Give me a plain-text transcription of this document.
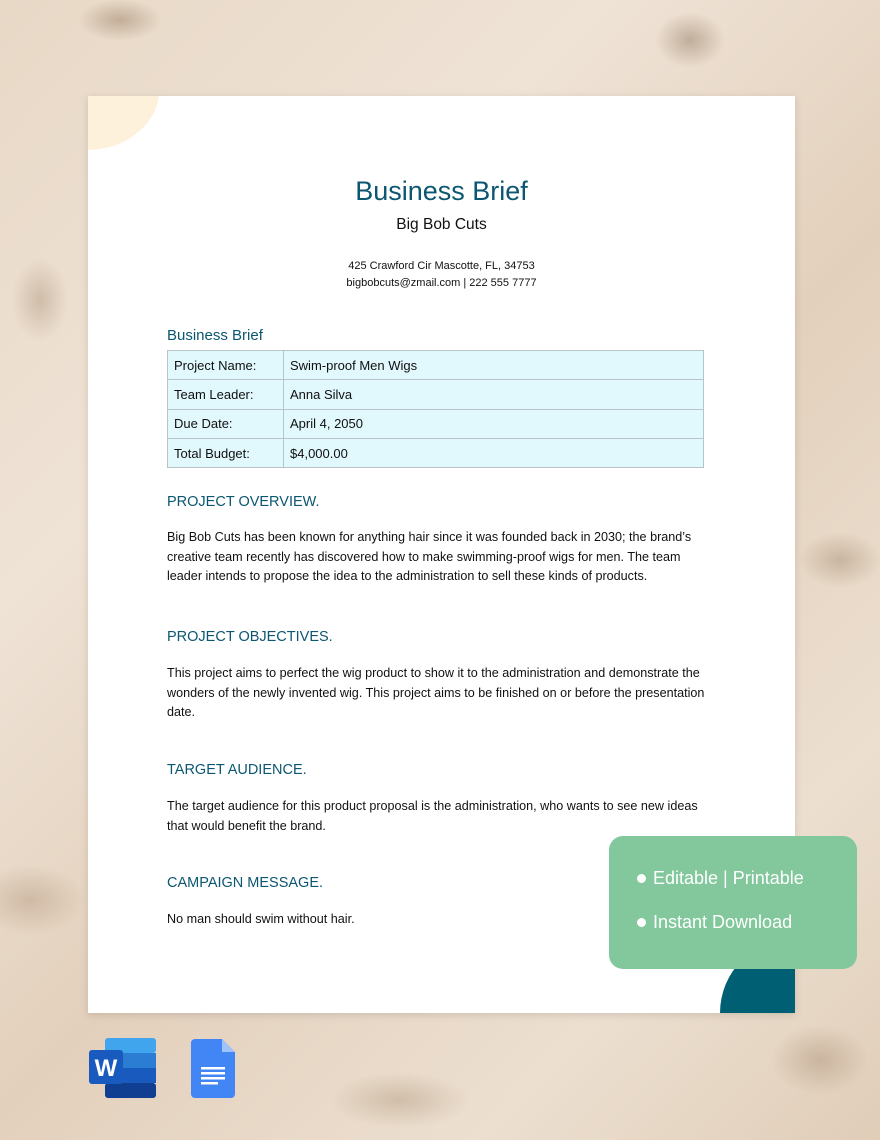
Business Brief
Big Bob Cuts
425 Crawford Cir Mascotte, FL, 34753
bigbobcuts@zmail.com | 222 555 7777
Business Brief
Project Name:	Swim-proof Men Wigs
Team Leader:	Anna Silva
Due Date:	April 4, 2050
Total Budget:	$4,000.00
PROJECT OVERVIEW.
Big Bob Cuts has been known for anything hair since it was founded back in 2030; the brand’s creative team recently has discovered how to make swimming-proof wigs for men. The team leader intends to propose the idea to the administration to sell these kinds of products.
PROJECT OBJECTIVES.
This project aims to perfect the wig product to show it to the administration and demonstrate the wonders of the newly invented wig. This project aims to be finished on or before the presentation date.
TARGET AUDIENCE.
The target audience for this product proposal is the administration, who wants to see new ideas that would benefit the brand.
CAMPAIGN MESSAGE.
No man should swim without hair.
Editable | Printable
Instant Download
W
